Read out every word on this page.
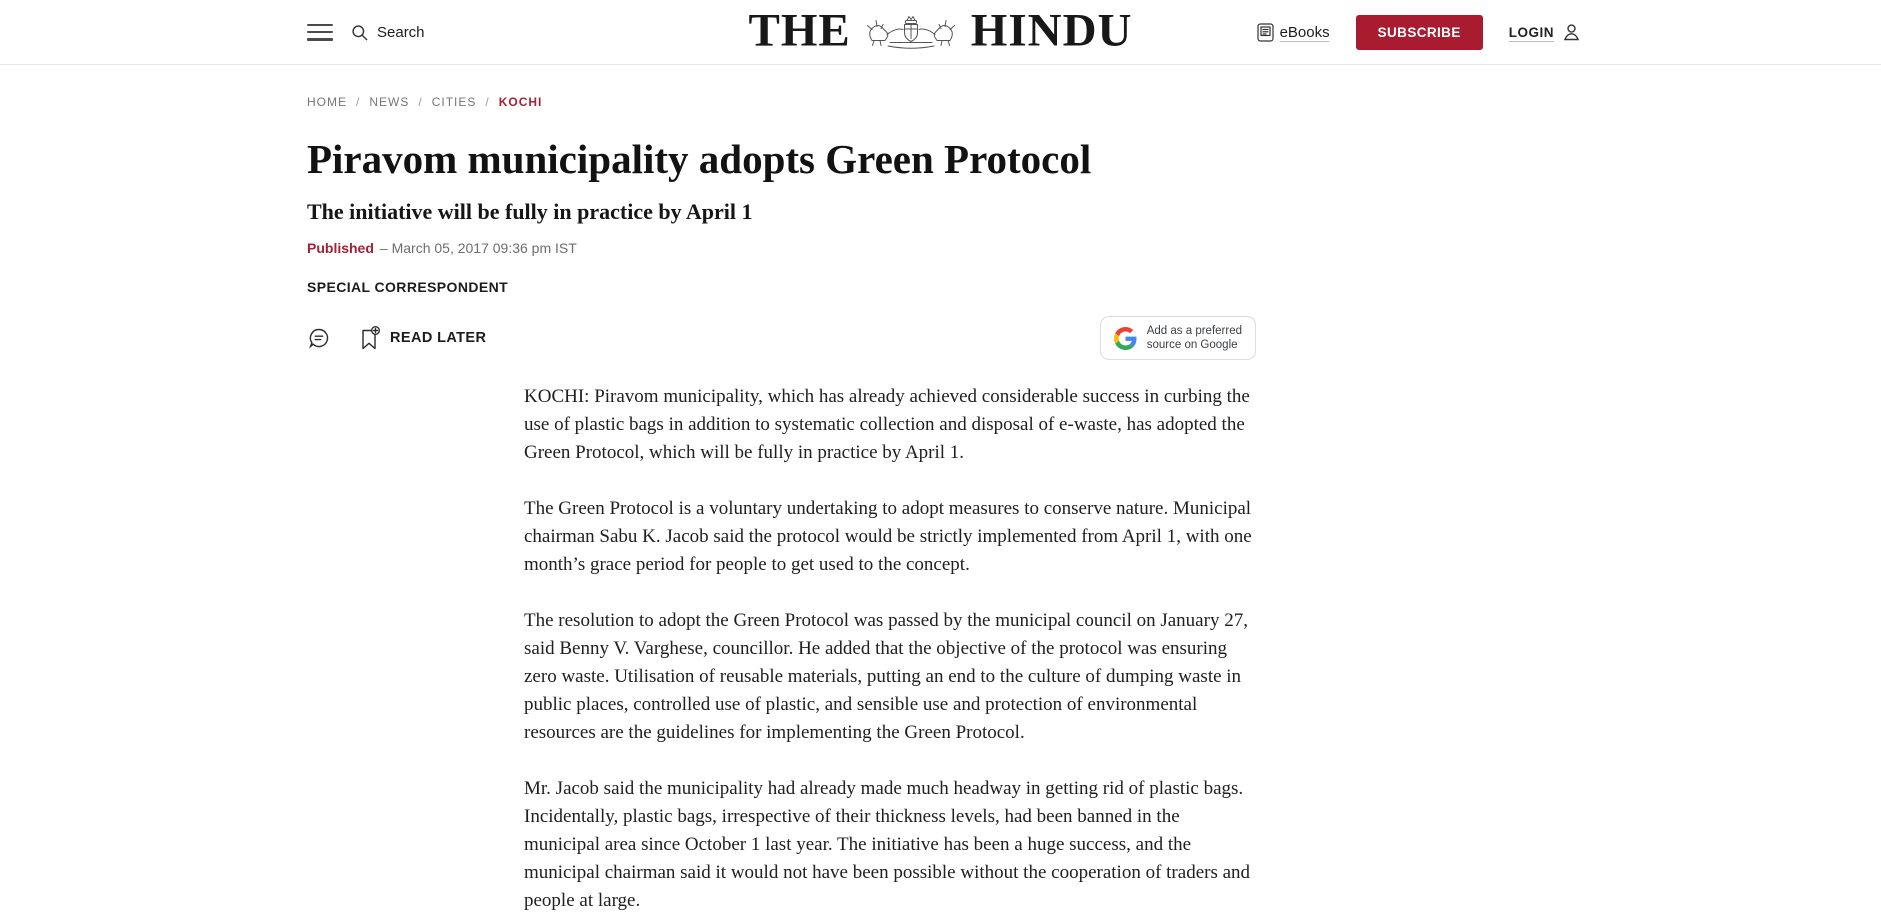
Search	THE	HINDU	eBooks	SUBSCRIBE	LOGIN
HOME / NEWS / CITIES / KOCHI
Piravom municipality adopts Green Protocol
The initiative will be fully in practice by April 1
Published – March 05, 2017 09:36 pm IST
SPECIAL CORRESPONDENT
READ LATER	Add as a preferred
source on Google

KOCHI: Piravom municipality, which has already achieved considerable success in curbing the use of plastic bags in addition to systematic collection and disposal of e-waste, has adopted the Green Protocol, which will be fully in practice by April 1.

The Green Protocol is a voluntary undertaking to adopt measures to conserve nature. Municipal chairman Sabu K. Jacob said the protocol would be strictly implemented from April 1, with one month’s grace period for people to get used to the concept.

The resolution to adopt the Green Protocol was passed by the municipal council on January 27, said Benny V. Varghese, councillor. He added that the objective of the protocol was ensuring zero waste. Utilisation of reusable materials, putting an end to the culture of dumping waste in public places, controlled use of plastic, and sensible use and protection of environmental resources are the guidelines for implementing the Green Protocol.

Mr. Jacob said the municipality had already made much headway in getting rid of plastic bags. Incidentally, plastic bags, irrespective of their thickness levels, had been banned in the municipal area since October 1 last year. The initiative has been a huge success, and the municipal chairman said it would not have been possible without the cooperation of traders and people at large.
